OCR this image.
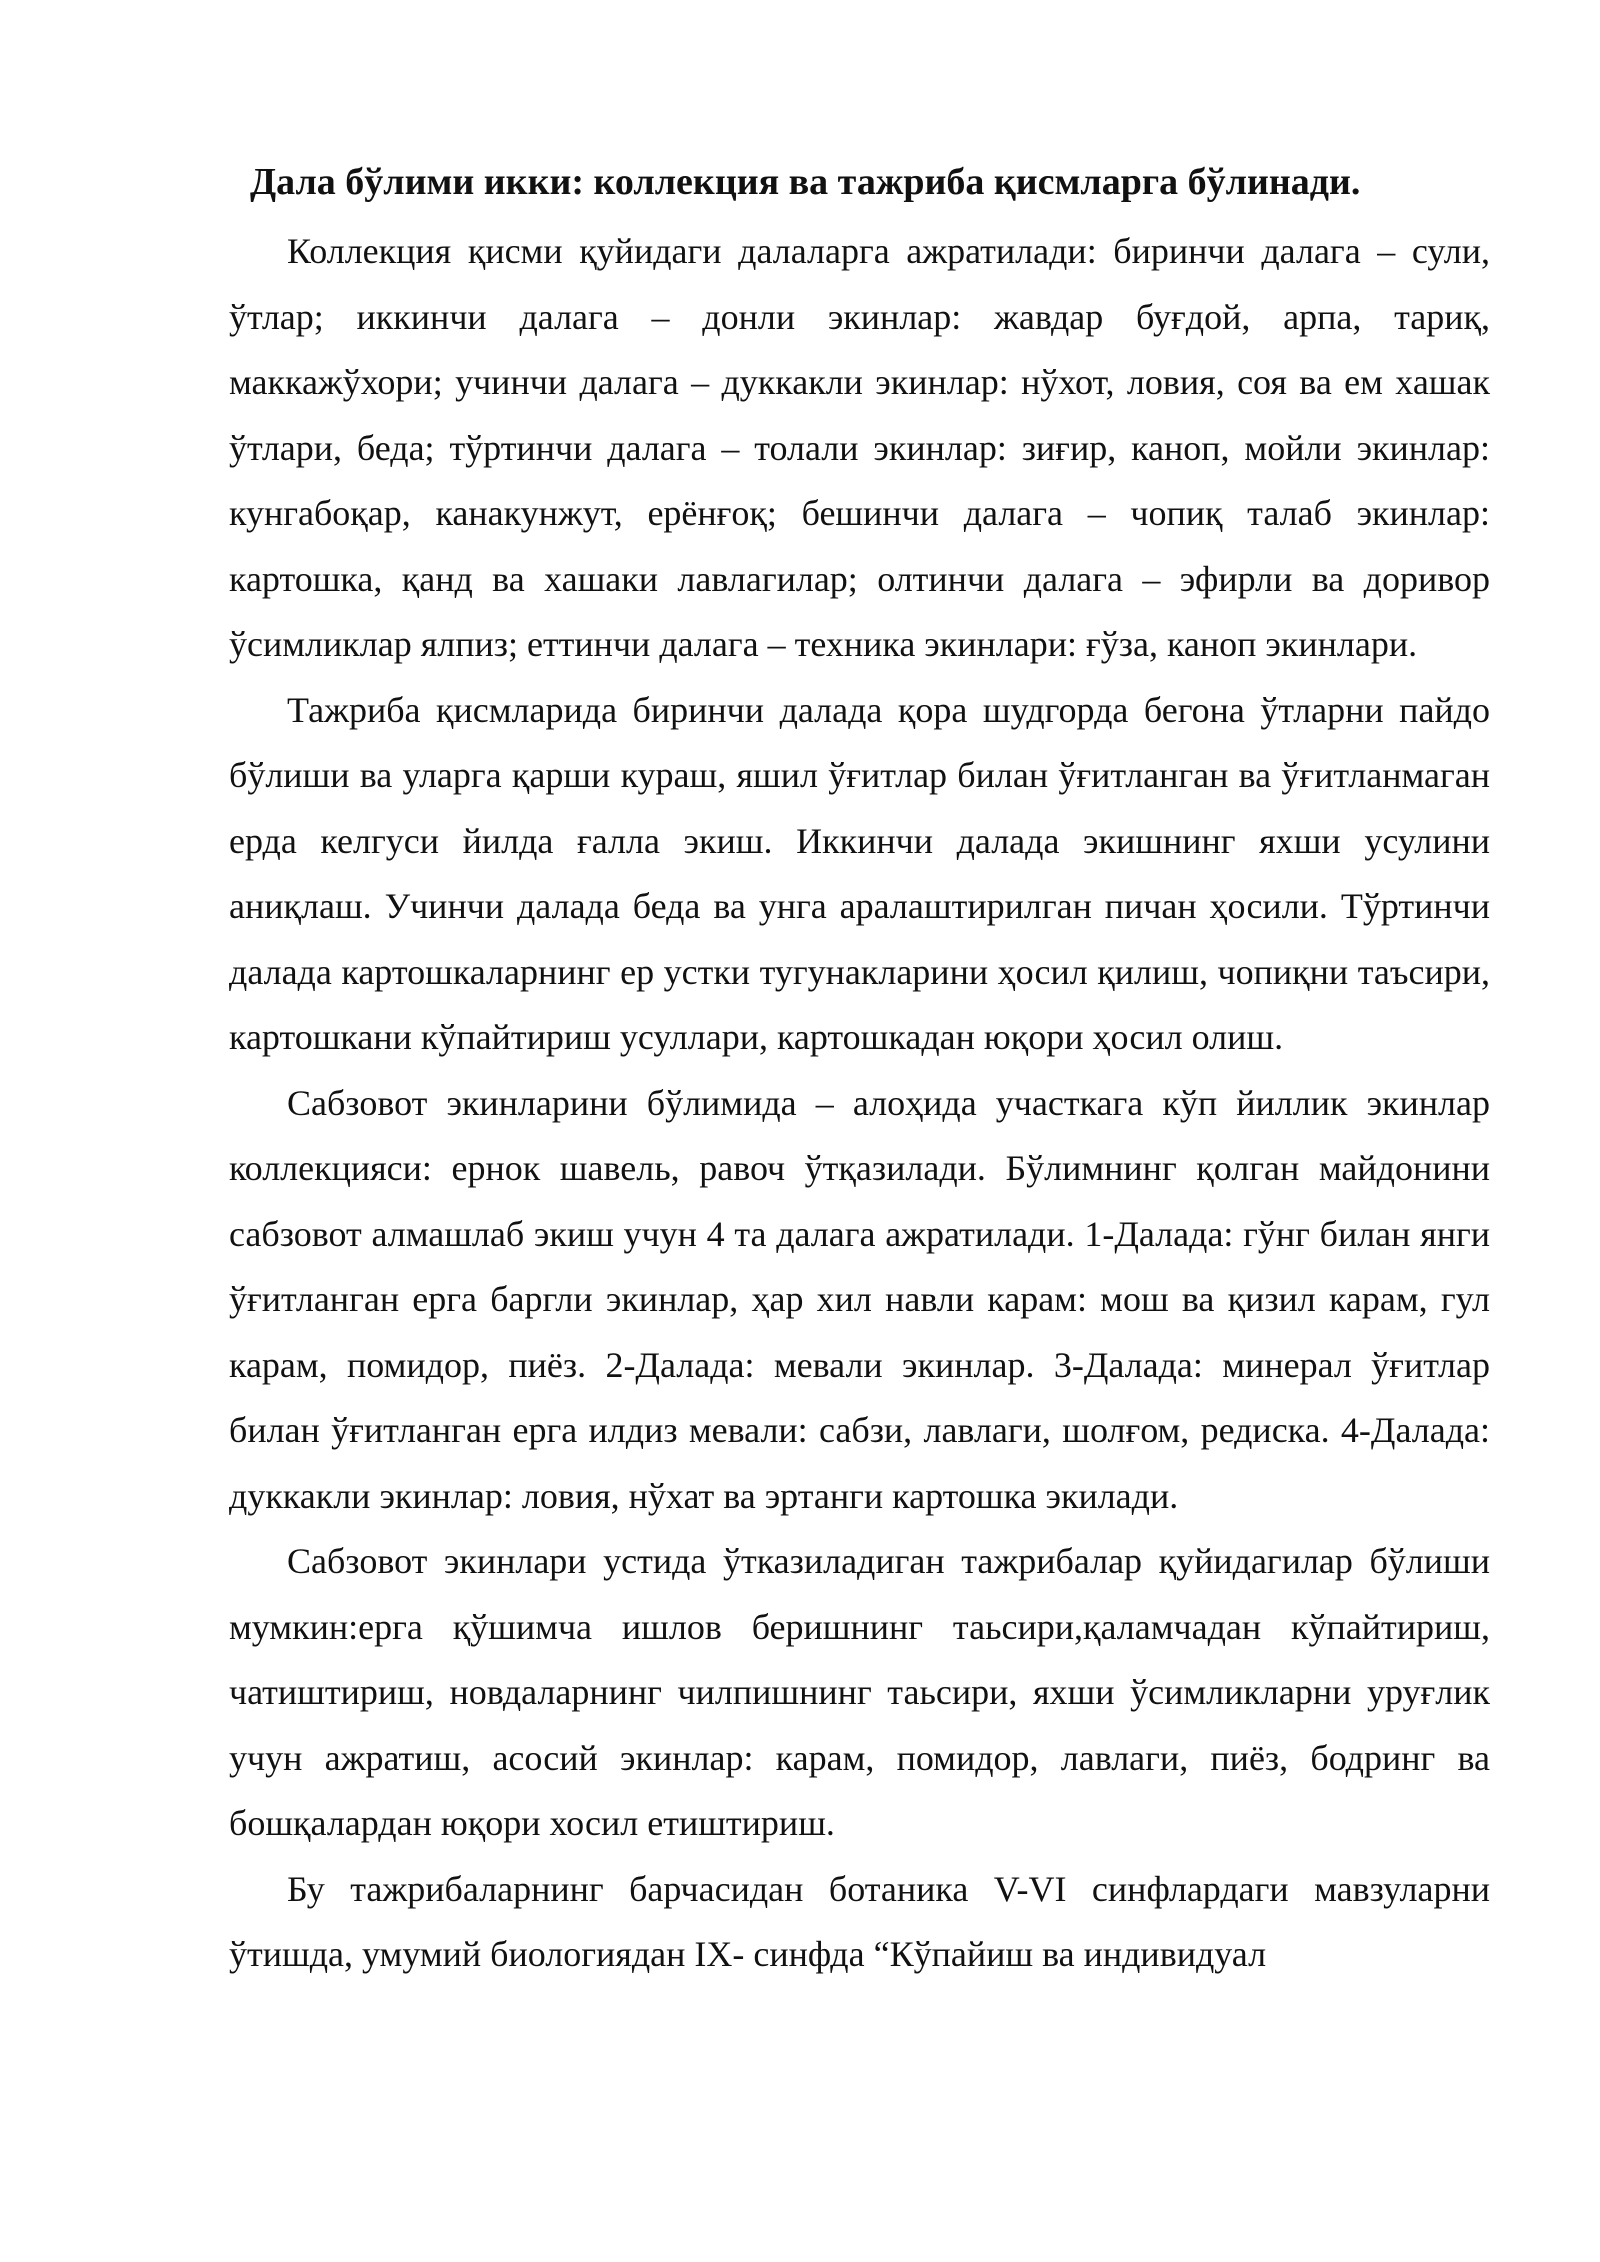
Дала бўлими икки: коллекция ва тажриба қисмларга бўлинади.

Коллекция қисми қуйидаги далаларга ажратилади: биринчи далага – сули, ўтлар; иккинчи далага – донли экинлар: жавдар буғдой, арпа, тариқ, маккажўхори; учинчи далага – дуккакли экинлар: нўхот, ловия, соя ва ем хашак ўтлари, беда; тўртинчи далага – толали экинлар: зиғир, каноп, мойли экинлар: кунгабоқар, канакунжут, ерёнғоқ; бешинчи далага – чопиқ талаб экинлар: картошка, қанд ва хашаки лавлагилар; олтинчи далага – эфирли ва доривор ўсимликлар ялпиз; еттинчи далага – техника экинлари: ғўза, каноп экинлари.

Тажриба қисмларида биринчи далада қора шудгорда бегона ўтларни пайдо бўлиши ва уларга қарши кураш, яшил ўғитлар билан ўғитланган ва ўғитланмаган ерда келгуси йилда ғалла экиш. Иккинчи далада экишнинг яхши усулини аниқлаш. Учинчи далада беда ва унга аралаштирилган пичан ҳосили. Тўртинчи далада картошкаларнинг ер устки тугунакларини ҳосил қилиш, чопиқни таъсири, картошкани кўпайтириш усуллари, картошкадан юқори ҳосил олиш.

Сабзовот экинларини бўлимида – алоҳида участкага кўп йиллик экинлар коллекцияси: ернок шавель, равоч ўтқазилади. Бўлимнинг қолган майдонини сабзовот алмашлаб экиш учун 4 та далага ажратилади. 1-Далада: гўнг билан янги ўғитланган ерга баргли экинлар, ҳар хил навли карам: мош ва қизил карам, гул карам, помидор, пиёз. 2-Далада: мевали экинлар. 3-Далада: минерал ўғитлар билан ўғитланган ерга илдиз мевали: сабзи, лавлаги, шолғом, редиска. 4-Далада: дуккакли экинлар: ловия, нўхат ва эртанги картошка экилади.

Сабзовот экинлари устида ўтказиладиган тажрибалар қуйидагилар бўлиши мумкин:ерга қўшимча ишлов беришнинг таьсири,қаламчадан кўпайтириш, чатиштириш, новдаларнинг чилпишнинг таьсири, яхши ўсимликларни уруғлик учун ажратиш, асосий экинлар: карам, помидор, лавлаги, пиёз, бодринг ва бошқалардан юқори хосил етиштириш.

Бу тажрибаларнинг барчасидан ботаника V-VI синфлардаги мавзуларни ўтишда, умумий биологиядан IX- синфда “Кўпайиш ва индивидуал
